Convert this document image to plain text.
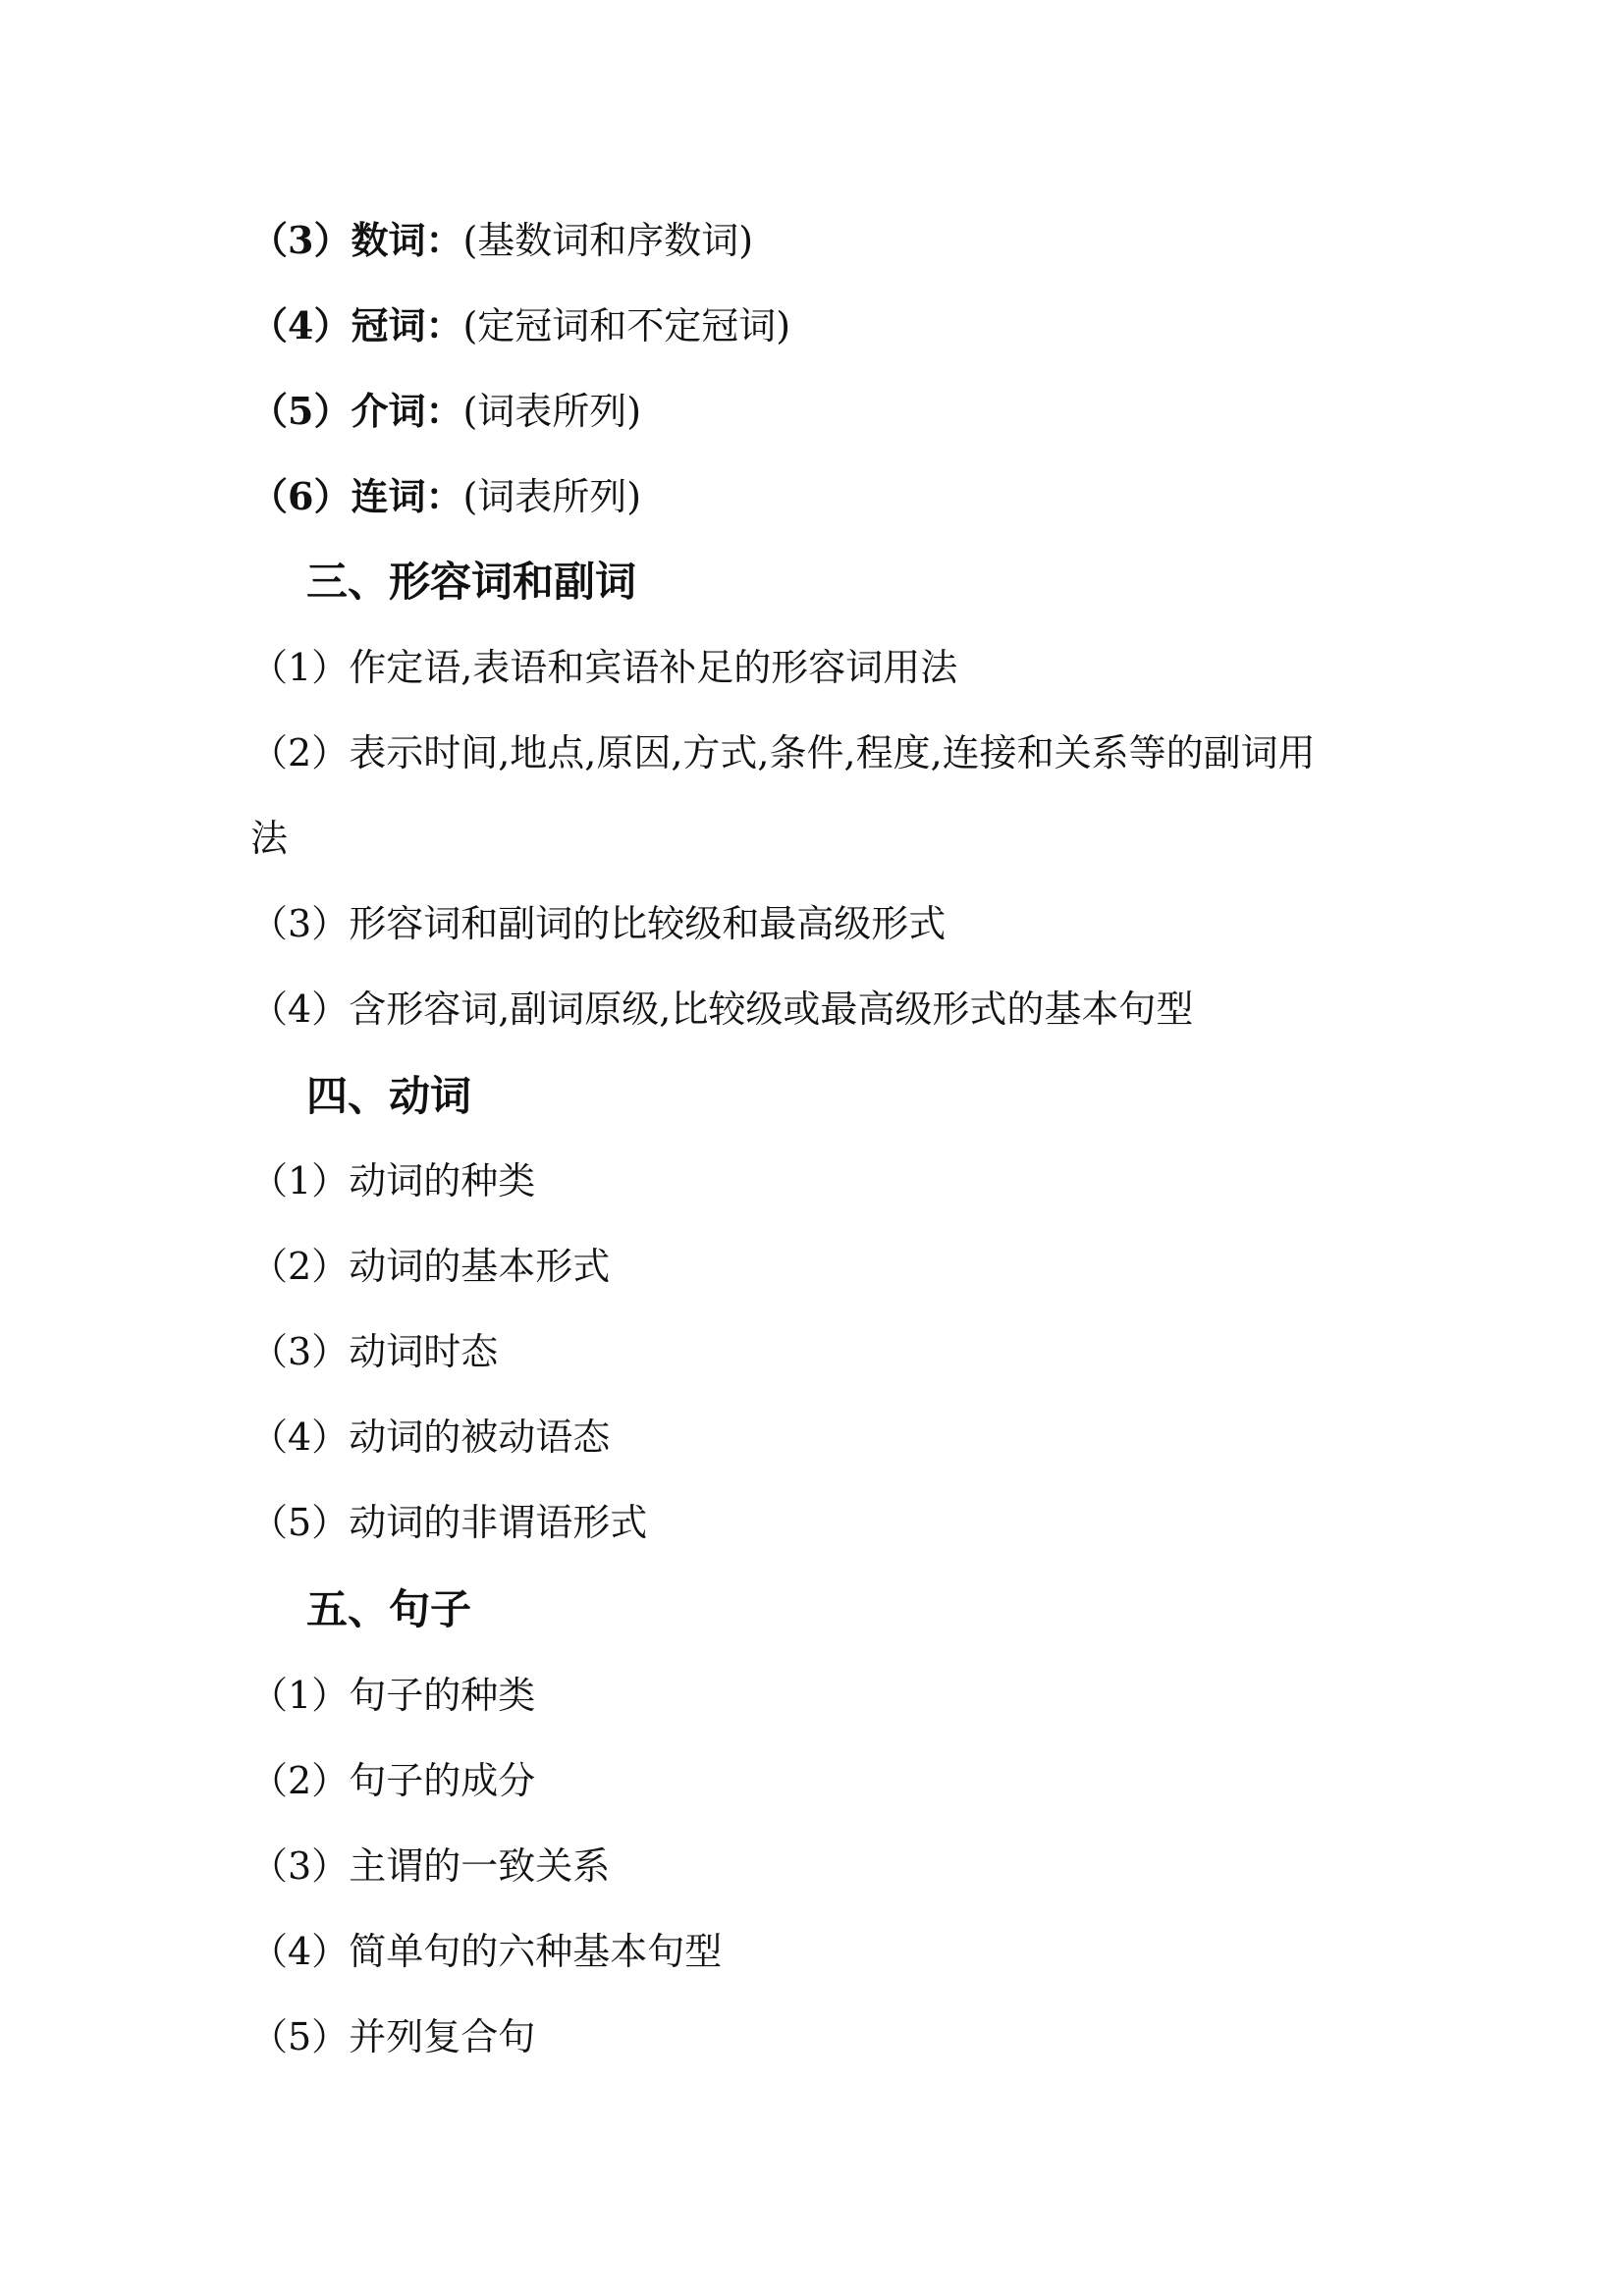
（3）数词：(基数词和序数词)
（4）冠词：(定冠词和不定冠词)
（5）介词：(词表所列)
（6）连词：(词表所列)
三、形容词和副词
（1）作定语,表语和宾语补足的形容词用法
（2）表示时间,地点,原因,方式,条件,程度,连接和关系等的副词用
法
（3）形容词和副词的比较级和最高级形式
（4）含形容词,副词原级,比较级或最高级形式的基本句型
四、动词
（1）动词的种类
（2）动词的基本形式
（3）动词时态
（4）动词的被动语态
（5）动词的非谓语形式
五、句子
（1）句子的种类
（2）句子的成分
（3）主谓的一致关系
（4）简单句的六种基本句型
（5）并列复合句
